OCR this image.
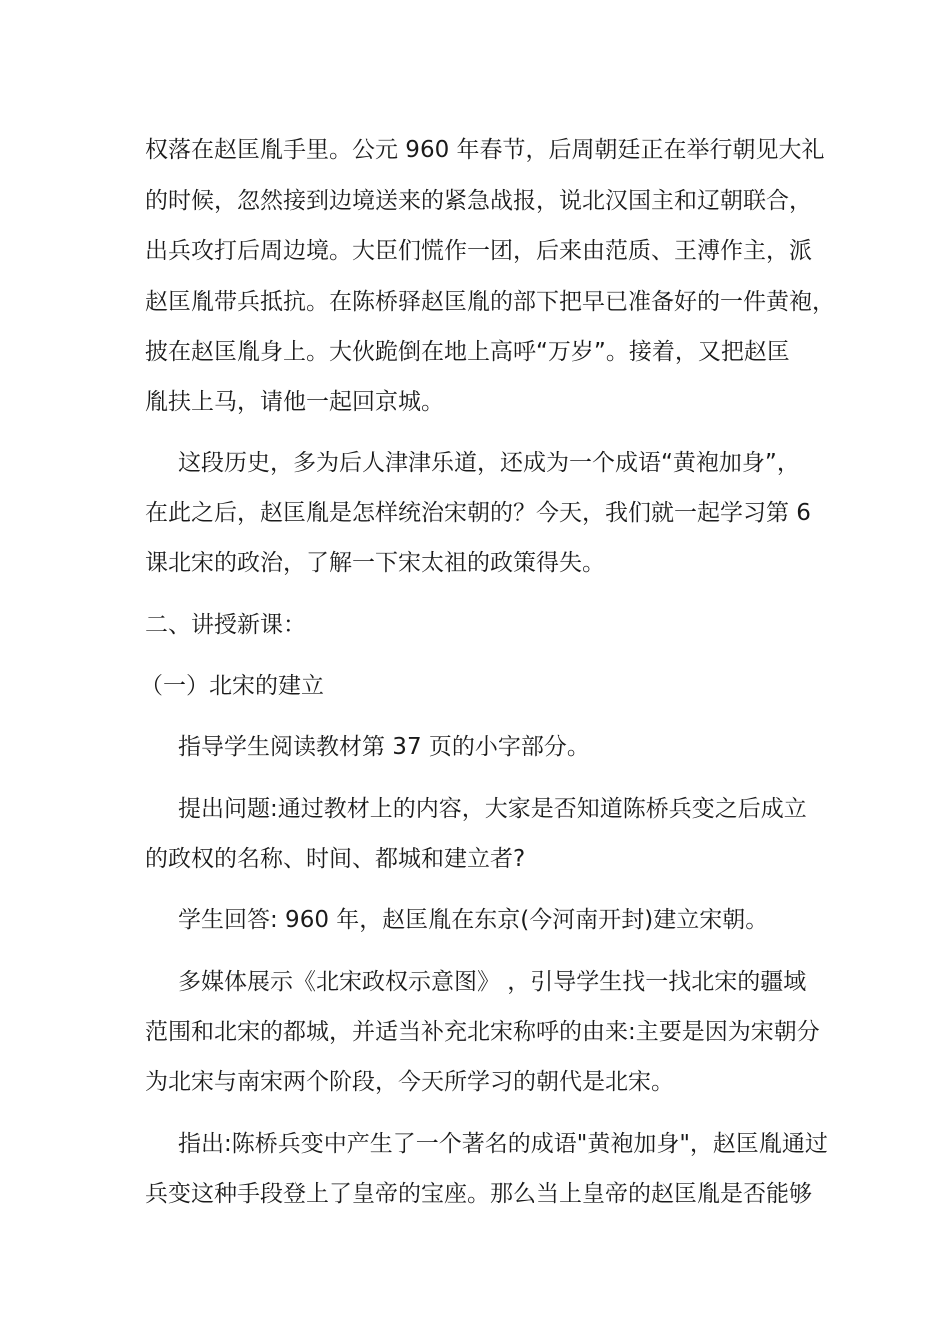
权落在赵匡胤手里。公元 960 年春节，后周朝廷正在举行朝见大礼

的时候，忽然接到边境送来的紧急战报，说北汉国主和辽朝联合，

出兵攻打后周边境。大臣们慌作一团，后来由范质、王溥作主，派

赵匡胤带兵抵抗。在陈桥驿赵匡胤的部下把早已准备好的一件黄袍，

披在赵匡胤身上。大伙跪倒在地上高呼“万岁”。接着，又把赵匡

胤扶上马，请他一起回京城。

这段历史，多为后人津津乐道，还成为一个成语“黄袍加身”，

在此之后，赵匡胤是怎样统治宋朝的？今天，我们就一起学习第 6

课北宋的政治，了解一下宋太祖的政策得失。

二、讲授新课：

（一）北宋的建立

指导学生阅读教材第 37 页的小字部分。

提出问题:通过教材上的内容，大家是否知道陈桥兵变之后成立

的政权的名称、时间、都城和建立者?

学生回答: 960 年，赵匡胤在东京(今河南开封)建立宋朝。

多媒体展示《北宋政权示意图》 ，引导学生找一找北宋的疆域

范围和北宋的都城，并适当补充北宋称呼的由来:主要是因为宋朝分

为北宋与南宋两个阶段，今天所学习的朝代是北宋。

指出:陈桥兵变中产生了一个著名的成语"黄袍加身"，赵匡胤通过

兵变这种手段登上了皇帝的宝座。那么当上皇帝的赵匡胤是否能够
